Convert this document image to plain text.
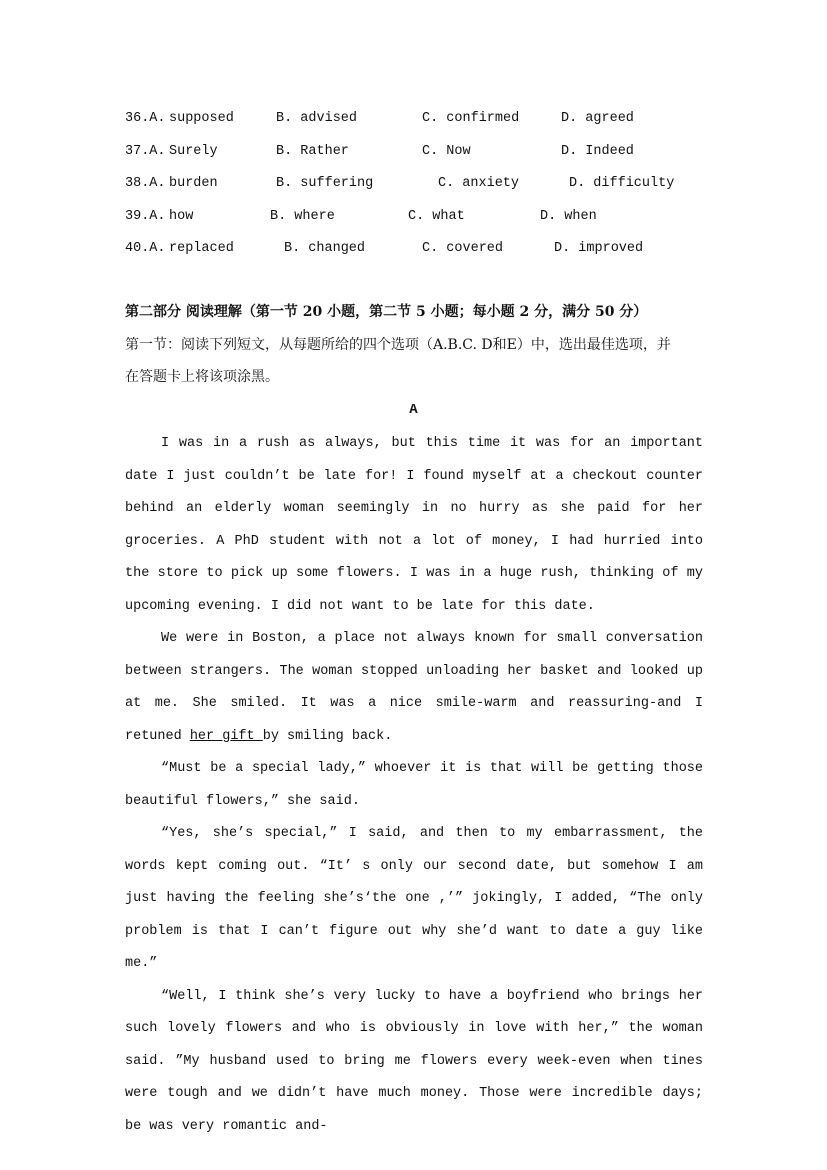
36.A. supposed	B. advised	C. confirmed	D. agreed
37.A. Surely	B. Rather	C. Now	D. Indeed
38.A. burden	B. suffering	C. anxiety	D. difficulty
39.A. how	B. where	C. what	D. when
40.A. replaced	B. changed	C. covered	D. improved
第二部分 阅读理解（第一节 20 小题，第二节 5 小题；每小题 2 分，满分 50 分）
第一节：阅读下列短文，从每题所给的四个选项（A.B.C. D和E）中，选出最佳选项，并
在答题卡上将该项涂黑。
A

I was in a rush as always, but this time it was for an important date I just couldn’t be late for! I found myself at a checkout counter behind an elderly woman seemingly in no hurry as she paid for her groceries. A PhD student with not a lot of money, I had hurried into the store to pick up some flowers. I was in a huge rush, thinking of my upcoming evening. I did not want to be late for this date.

We were in Boston, a place not always known for small conversation between strangers. The woman stopped unloading her basket and looked up at me. She smiled. It was a nice smile-warm and reassuring-and I retuned her gift by smiling back.

“Must be a special lady,” whoever it is that will be getting those beautiful flowers,” she said.

“Yes, she’s special,” I said, and then to my embarrassment, the words kept coming out. “It’ s only our second date, but somehow I am just having the feeling she’s‘the one ,’” jokingly, I added, “The only problem is that I can’t figure out why she’d want to date a guy like me.”

“Well, I think she’s very lucky to have a boyfriend who brings her such lovely flowers and who is obviously in love with her,” the woman said. ”My husband used to bring me flowers every week-even when tines were tough and we didn’t have much money. Those were incredible days; be was very romantic and-
